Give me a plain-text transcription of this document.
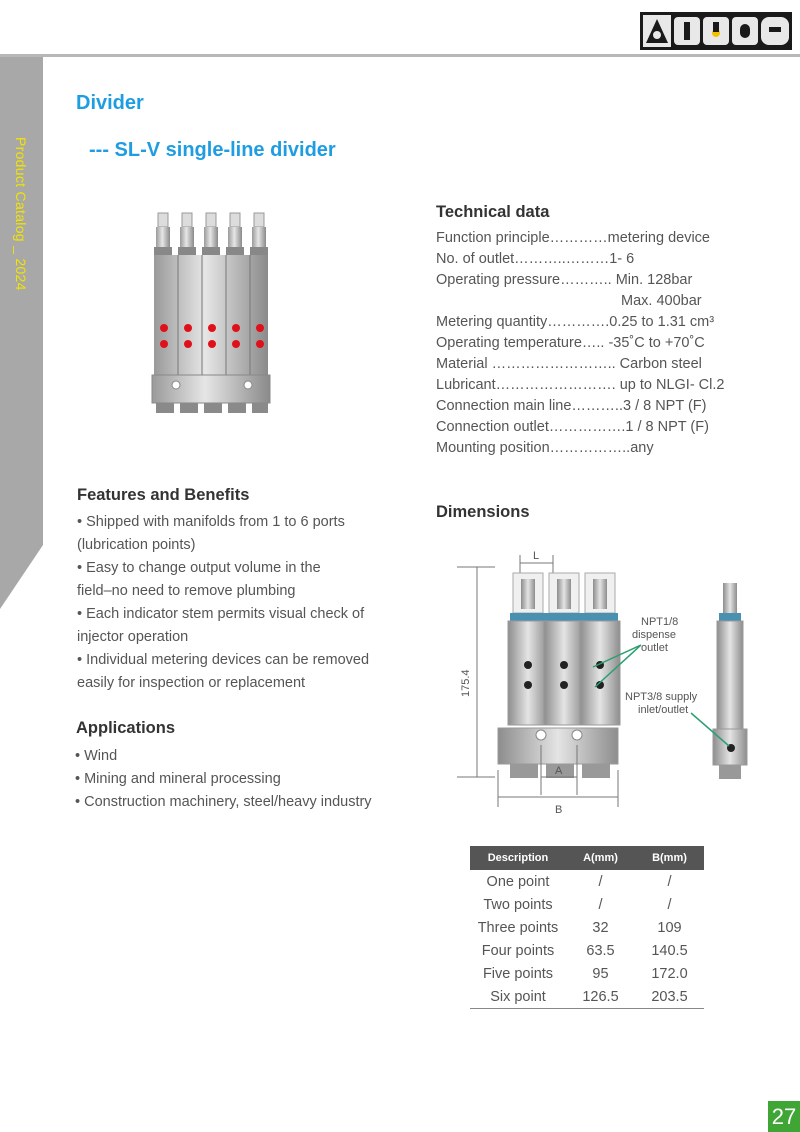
Product Catalog _ 2024
Divider
--- SL-V single-line divider
Technical data
Function principle…………metering device
No. of outlet………..………1- 6
Operating pressure……….. Min. 128bar
Max. 400bar
Metering quantity………….0.25 to 1.31 cm³
Operating temperature….. -35˚C to +70˚C
Material …………………….. Carbon steel
Lubricant……………………. up to NLGI- Cl.2
Connection main line………..3 / 8 NPT (F)
Connection outlet…………….1 / 8 NPT (F)
Mounting position……………..any
Features and Benefits
• Shipped with manifolds from 1 to 6 ports
(lubrication points)
• Easy to change output volume in the
field–no need to remove plumbing
• Each indicator stem permits visual check of
injector operation
• Individual metering devices can be removed
easily for inspection or replacement
Applications
• Wind
• Mining and mineral processing
• Construction machinery, steel/heavy industry
Dimensions
L
175.4
A
B
NPT1/8
dispense
outlet
NPT3/8 supply
inlet/outlet
Description	A(mm)	B(mm)
One point	/	/
Two points	/	/
Three points	32	109
Four points	63.5	140.5
Five points	95	172.0
Six point	126.5	203.5
27
